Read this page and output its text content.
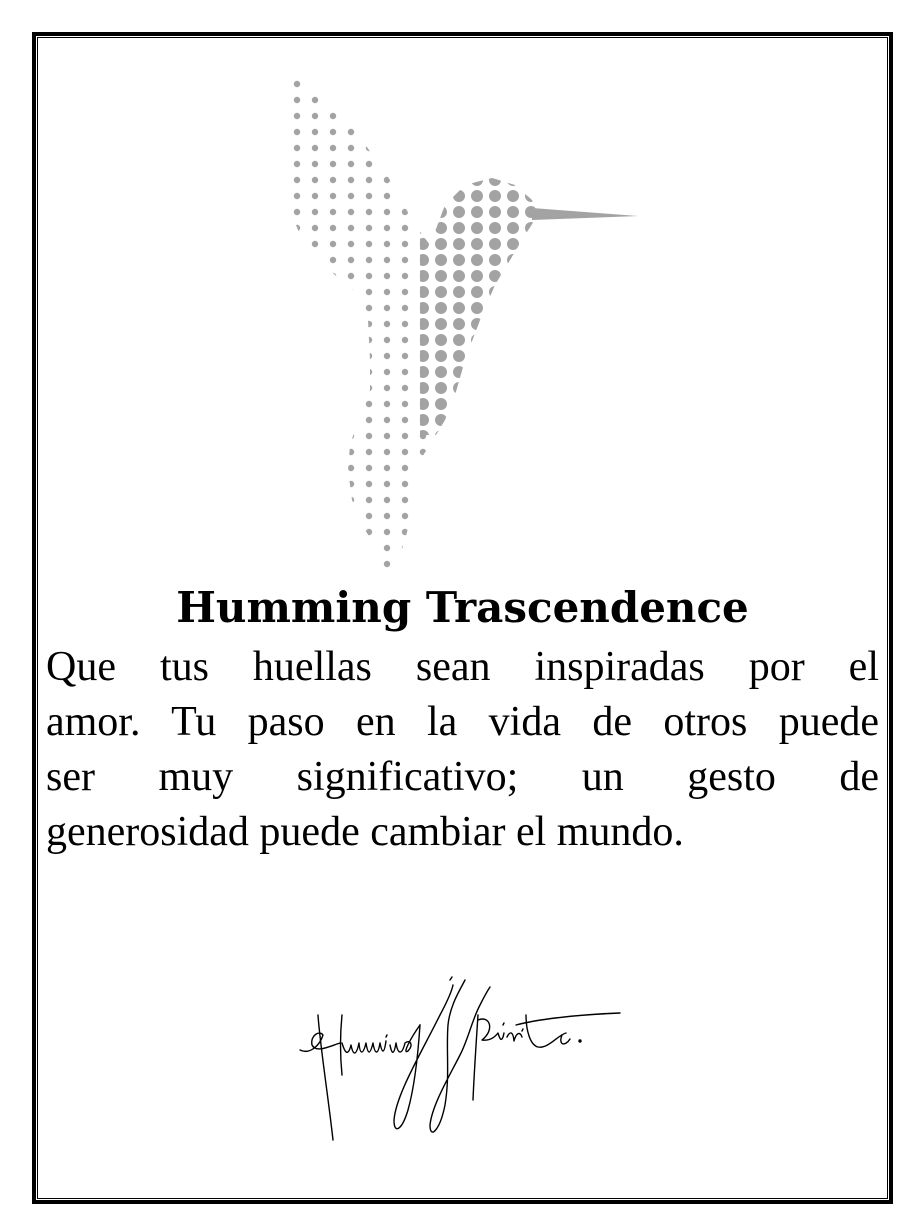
Humming Trascendence

Que tus huellas sean inspiradas por el
amor. Tu paso en la vida de otros puede
ser muy significativo; un gesto de
generosidad puede cambiar el mundo.
